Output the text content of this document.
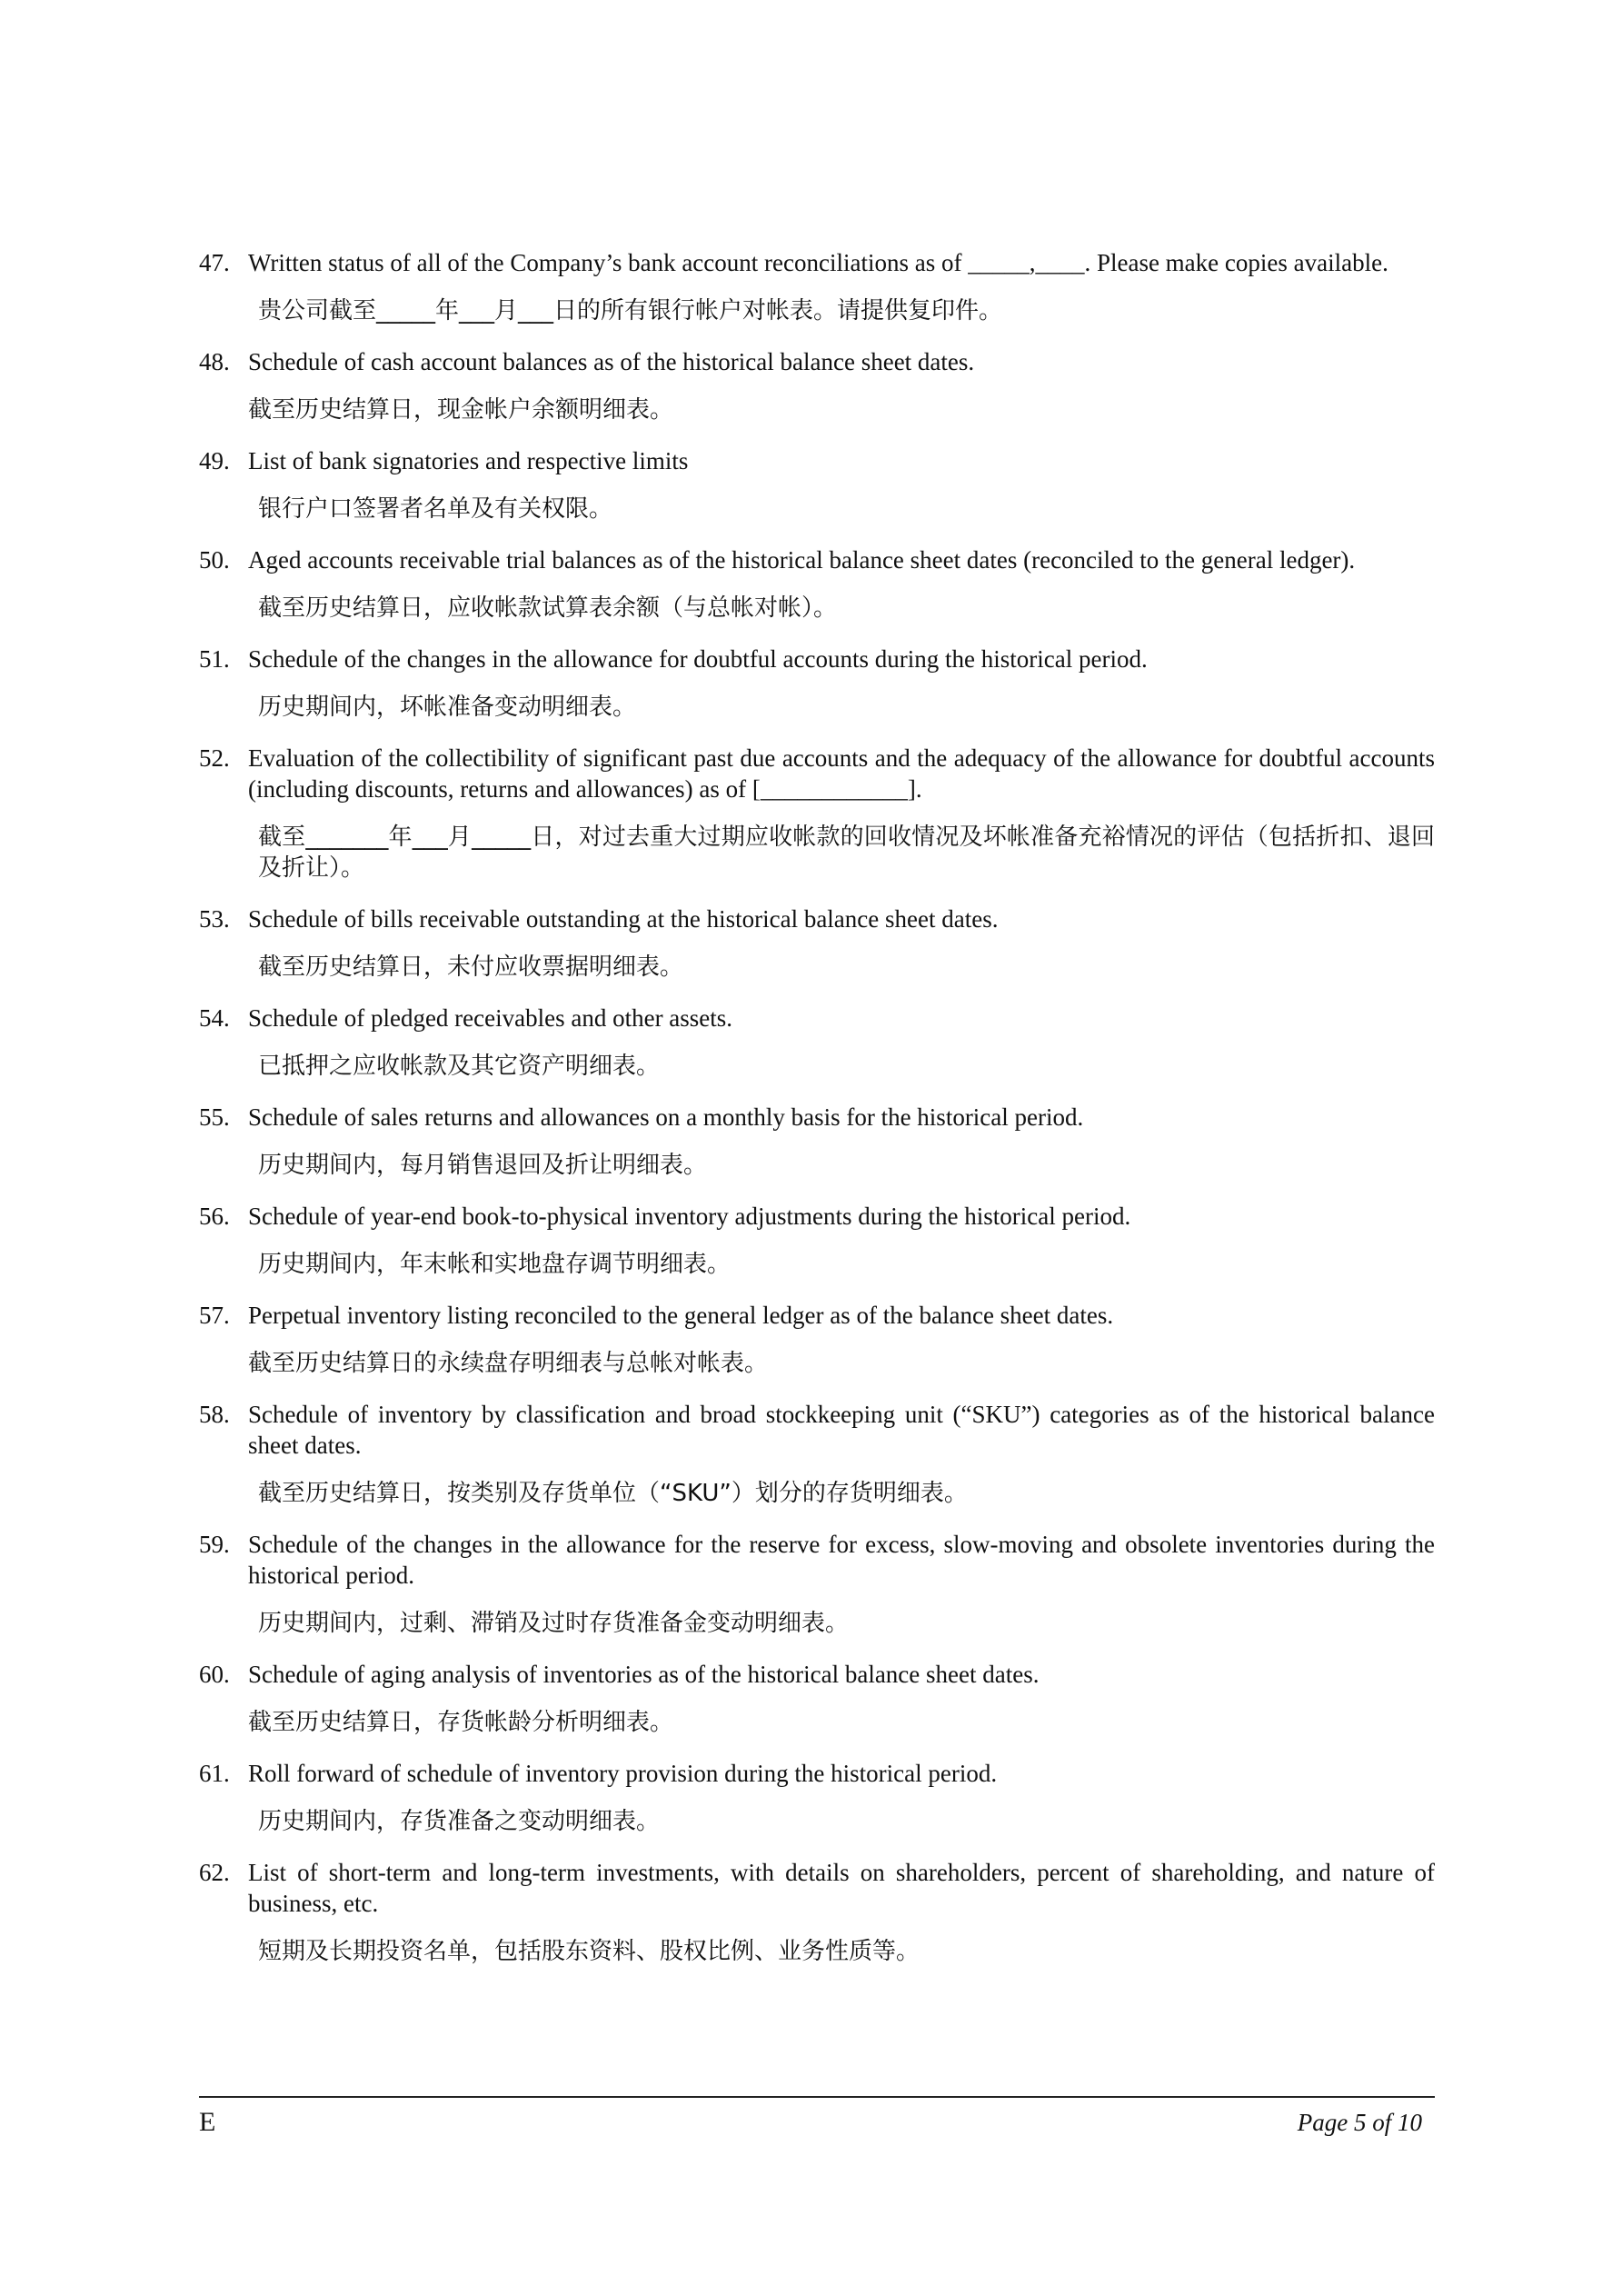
47. Written status of all of the Company’s bank account reconciliations as of _____,____. Please make copies available.
贵公司截至_____年___月___日的所有银行帐户对帐表。请提供复印件。
48. Schedule of cash account balances as of the historical balance sheet dates.
截至历史结算日，现金帐户余额明细表。
49. List of bank signatories and respective limits
银行户口签署者名单及有关权限。
50. Aged accounts receivable trial balances as of the historical balance sheet dates (reconciled to the general ledger).
截至历史结算日，应收帐款试算表余额（与总帐对帐）。
51. Schedule of the changes in the allowance for doubtful accounts during the historical period.
历史期间内，坏帐准备变动明细表。
52. Evaluation of the collectibility of significant past due accounts and the adequacy of the allowance for doubtful accounts (including discounts, returns and allowances) as of [____________].
截至_______年___月_____日，对过去重大过期应收帐款的回收情况及坏帐准备充裕情况的评估（包括折扣、退回及折让）。
53. Schedule of bills receivable outstanding at the historical balance sheet dates.
截至历史结算日，未付应收票据明细表。
54. Schedule of pledged receivables and other assets.
已抵押之应收帐款及其它资产明细表。
55. Schedule of sales returns and allowances on a monthly basis for the historical period.
历史期间内，每月销售退回及折让明细表。
56. Schedule of year-end book-to-physical inventory adjustments during the historical period.
历史期间内，年末帐和实地盘存调节明细表。
57. Perpetual inventory listing reconciled to the general ledger as of the balance sheet dates.
截至历史结算日的永续盘存明细表与总帐对帐表。
58. Schedule of inventory by classification and broad stockkeeping unit (“SKU”) categories as of the historical balance sheet dates.
截至历史结算日，按类别及存货单位（“SKU”）划分的存货明细表。
59. Schedule of the changes in the allowance for the reserve for excess, slow-moving and obsolete inventories during the historical period.
历史期间内，过剩、滞销及过时存货准备金变动明细表。
60. Schedule of aging analysis of inventories as of the historical balance sheet dates.
截至历史结算日，存货帐龄分析明细表。
61. Roll forward of schedule of inventory provision during the historical period.
历史期间内，存货准备之变动明细表。
62. List of short-term and long-term investments, with details on shareholders, percent of shareholding, and nature of business, etc.
短期及长期投资名单，包括股东资料、股权比例、业务性质等。
E	Page 5 of 10
